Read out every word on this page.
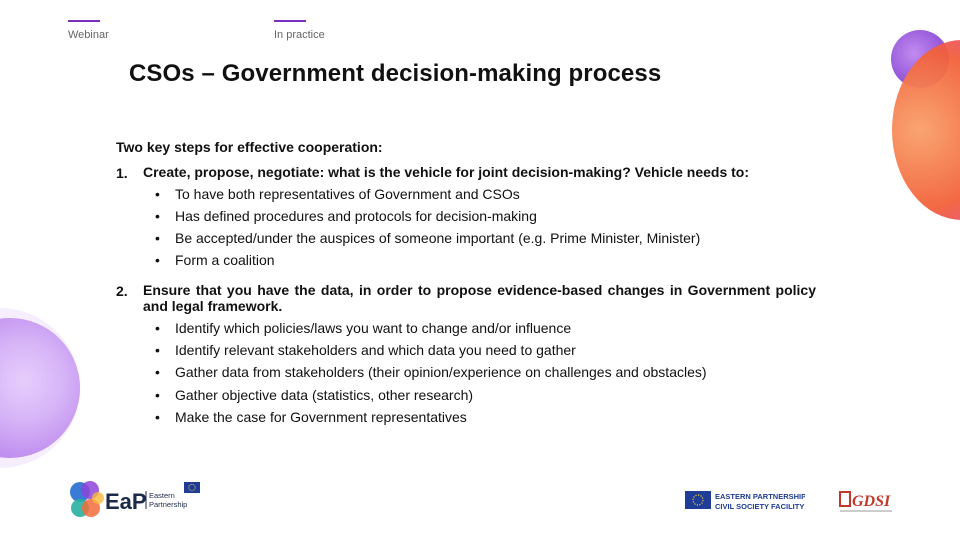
Webinar	In practice
CSOs – Government decision-making process
Two key steps for effective cooperation:
1. Create, propose, negotiate: what is the vehicle for joint decision-making? Vehicle needs to:
• To have both representatives of Government and CSOs
• Has defined procedures and protocols for decision-making
• Be accepted/under the auspices of someone important (e.g. Prime Minister, Minister)
• Form a coalition
2. Ensure that you have the data, in order to propose evidence-based changes in Government policy and legal framework.
• Identify which policies/laws you want to change and/or influence
• Identify relevant stakeholders and which data you need to gather
• Gather data from stakeholders (their opinion/experience on challenges and obstacles)
• Gather objective data (statistics, other research)
• Make the case for Government representatives
EaP Eastern
Partnership
EASTERN PARTNERSHIP
CIVIL SOCIETY FACILITY	GDSI
